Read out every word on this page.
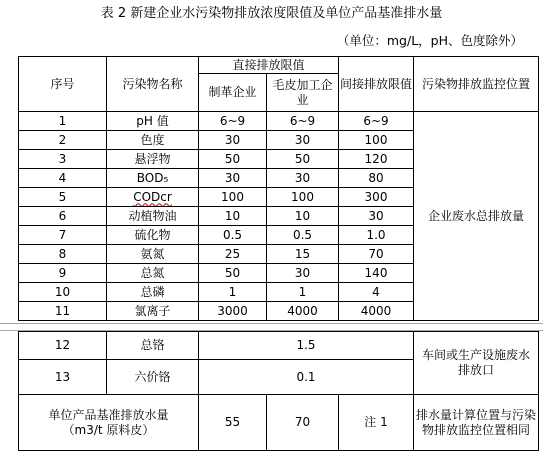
表 2 新建企业水污染物排放浓度限值及单位产品基准排水量
（单位：mg/L，pH、色度除外）
序号	污染物名称	直接排放限值		间接排放限值	污染物排放监控位置
		制革企业	毛皮加工企业		
1	pH 值	6~9	6~9	6~9	企业废水总排放量
2	色度	30	30	100	
3	悬浮物	50	50	120	
4	BOD₅	30	30	80	
5	CODcr	100	100	300	
6	动植物油	10	10	30	
7	硫化物	0.5	0.5	1.0	
8	氨氮	25	15	70	
9	总氮	50	30	140	
10	总磷	1	1	4	
11	氯离子	3000	4000	4000	
12	总铬	1.5			车间或生产设施废水
排放口

13	六价铬	0.1			

单位产品基准排放水量
（m3/t 原料皮）		55	70	注 1	排水量计算位置与污染物排放监控位置相同
